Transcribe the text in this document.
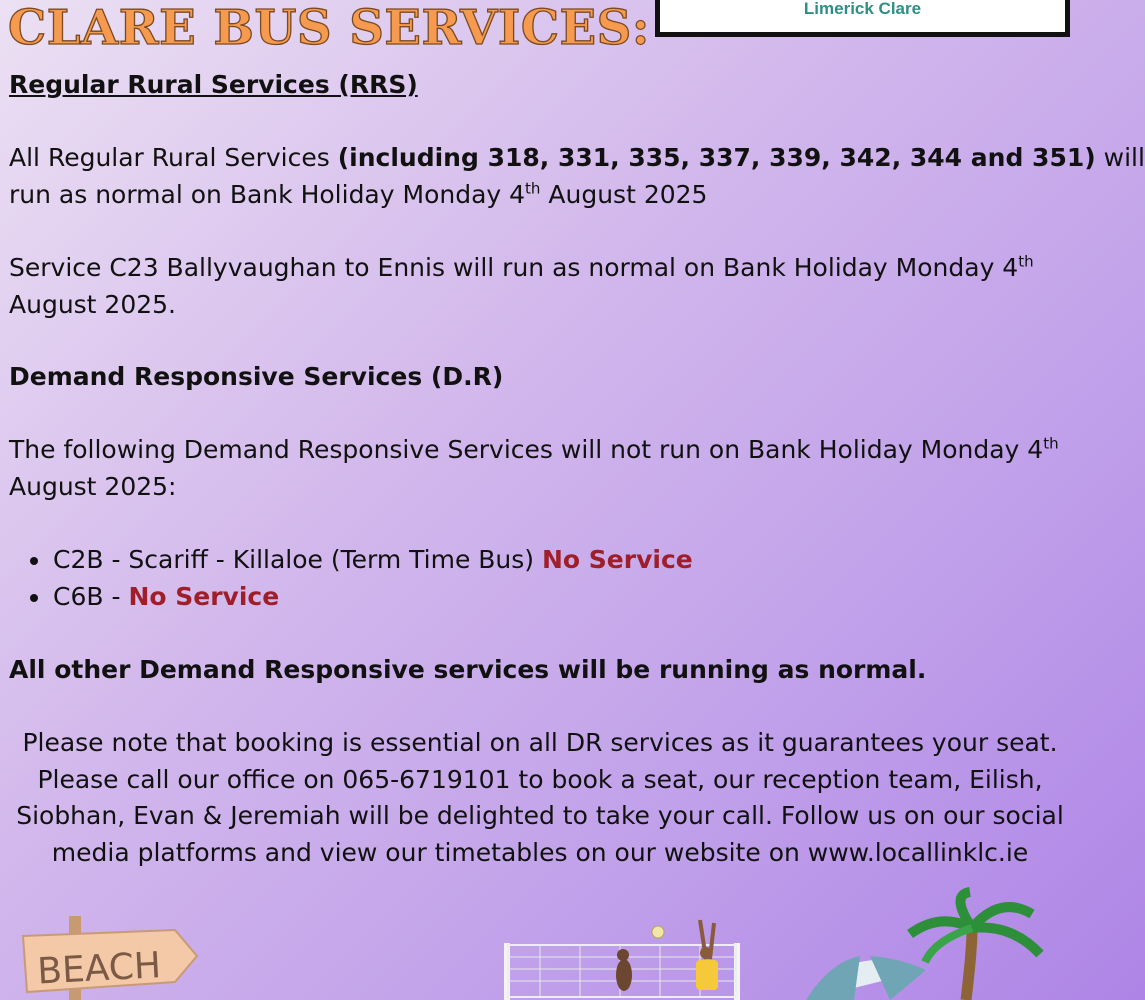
Limerick Clare
CLARE BUS SERVICES:

Regular Rural Services (RRS)

All Regular Rural Services (including 318, 331, 335, 337, 339, 342, 344 and 351) will
run as normal on Bank Holiday Monday 4th August 2025

Service C23 Ballyvaughan to Ennis will run as normal on Bank Holiday Monday 4th
August 2025.

Demand Responsive Services (D.R)

The following Demand Responsive Services will not run on Bank Holiday Monday 4th
August 2025:

C2B - Scariff - Killaloe (Term Time Bus) No Service
C6B - No Service

All other Demand Responsive services will be running as normal.

Please note that booking is essential on all DR services as it guarantees your seat.
Please call our office on 065-6719101 to book a seat, our reception team, Eilish,
Siobhan, Evan & Jeremiah will be delighted to take your call. Follow us on our social
media platforms and view our timetables on our website on www.locallinklc.ie

BEACH
